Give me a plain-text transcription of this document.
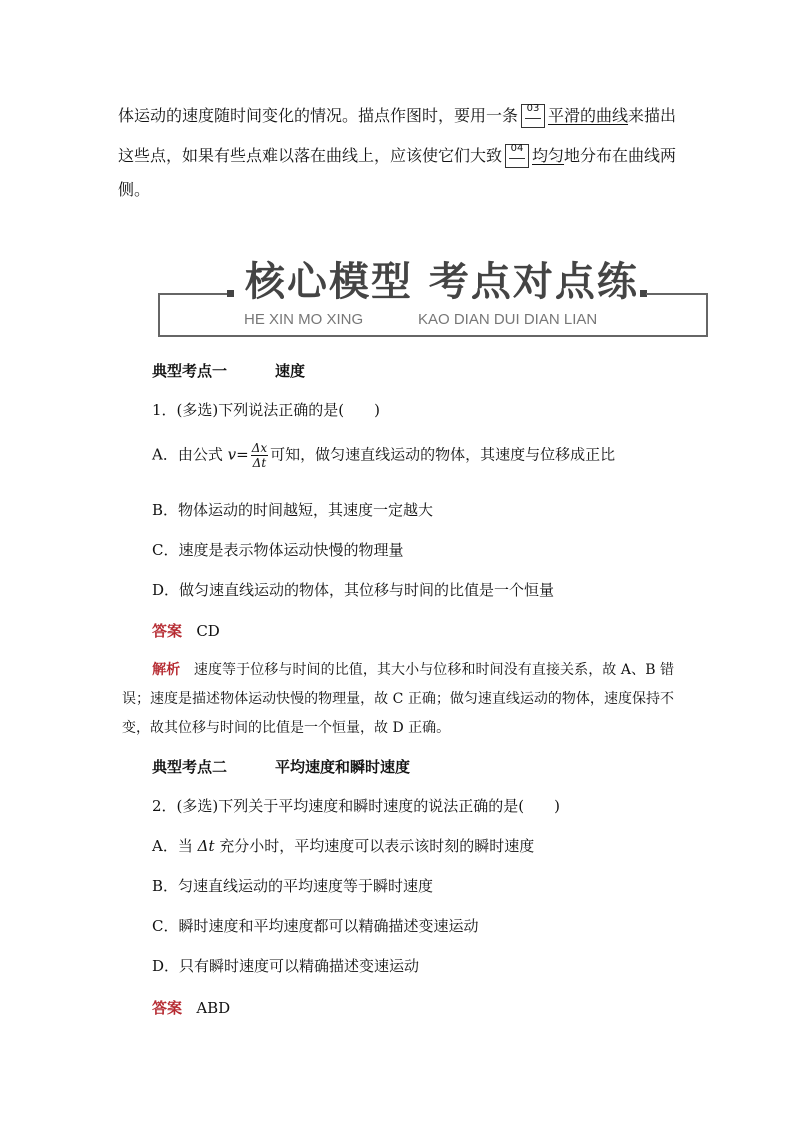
体运动的速度随时间变化的情况。描点作图时，要用一条 03 平滑的曲线来描出
这些点，如果有些点难以落在曲线上，应该使它们大致 04 均匀地分布在曲线两
侧。
核心模型 考点对点练
HE XIN MO XING	KAO DIAN DUI DIAN LIAN
典型考点一	速度
1．(多选)下列说法正确的是(　　)
A．由公式 $v= \frac{\Delta x}{\Delta t}$ 可知，做匀速直线运动的物体，其速度与位移成正比
B．物体运动的时间越短，其速度一定越大
C．速度是表示物体运动快慢的物理量
D．做匀速直线运动的物体，其位移与时间的比值是一个恒量
答案 CD
解析 速度等于位移与时间的比值，其大小与位移和时间没有直接关系，故 A、B 错误；速度是描述物体运动快慢的物理量，故 C 正确；做匀速直线运动的物体，速度保持不变，故其位移与时间的比值是一个恒量，故 D 正确。
典型考点二	平均速度和瞬时速度
2．(多选)下列关于平均速度和瞬时速度的说法正确的是(　　)
A．当 Δt 充分小时，平均速度可以表示该时刻的瞬时速度
B．匀速直线运动的平均速度等于瞬时速度
C．瞬时速度和平均速度都可以精确描述变速运动
D．只有瞬时速度可以精确描述变速运动
答案 ABD
